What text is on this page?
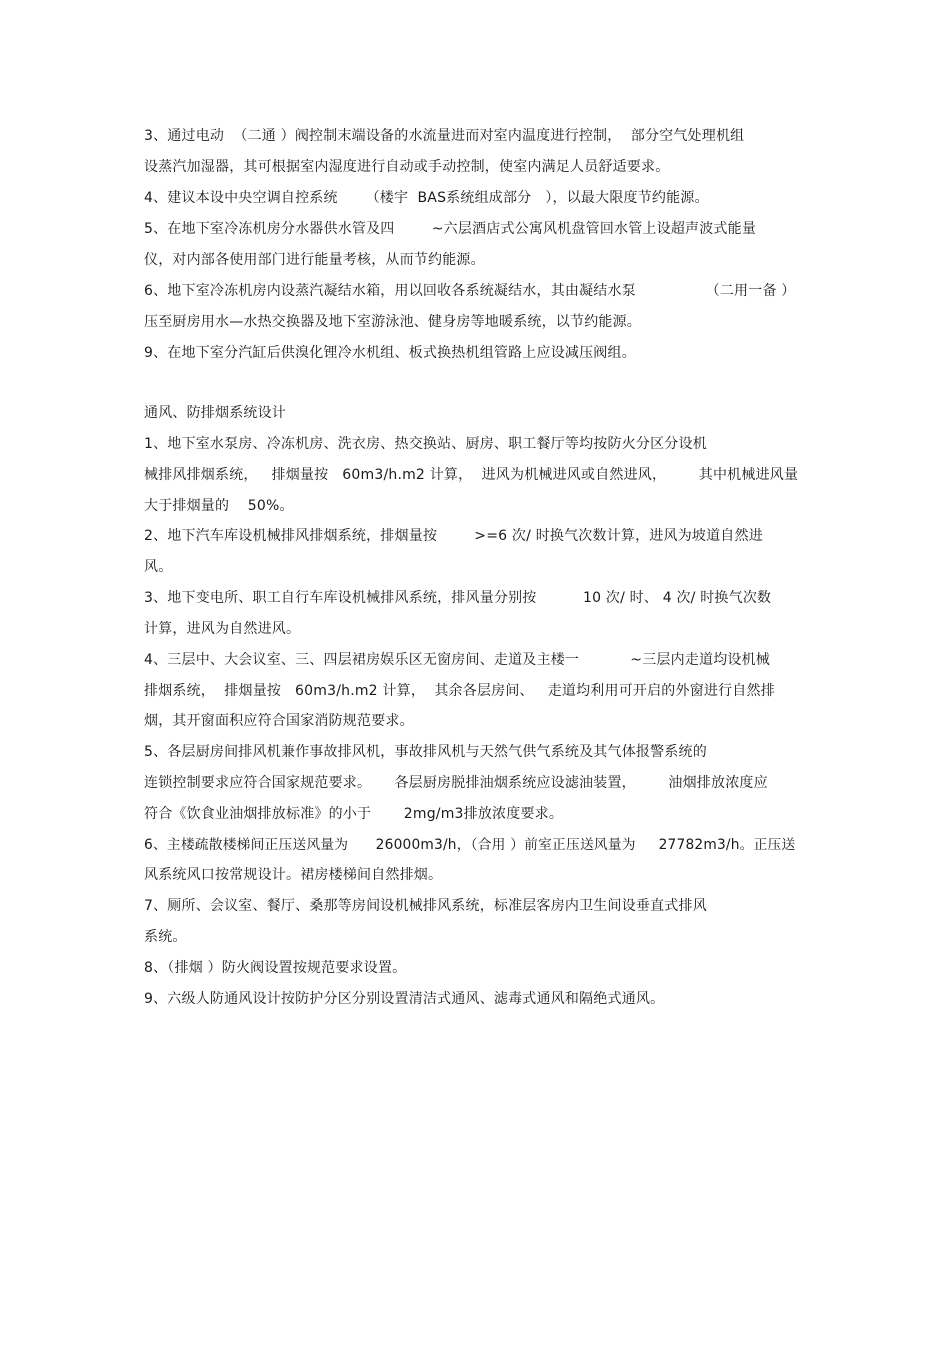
3、通过电动  （二通 ）阀控制末端设备的水流量进而对室内温度进行控制，  部分空气处理机组
设蒸汽加湿器，其可根据室内湿度进行自动或手动控制，使室内满足人员舒适要求。
4、建议本设中央空调自控系统      （楼宇  BAS系统组成部分   ），以最大限度节约能源。
5、在地下室冷冻机房分水器供水管及四        ~六层酒店式公寓风机盘管回水管上设超声波式能量
仪，对内部各使用部门进行能量考核，从而节约能源。
6、地下室冷冻机房内设蒸汽凝结水箱，用以回收各系统凝结水，其由凝结水泵               （二用一备 ）
压至厨房用水—水热交换器及地下室游泳池、健身房等地暖系统，以节约能源。
9、在地下室分汽缸后供溴化锂冷水机组、板式换热机组管路上应设减压阀组。
通风、防排烟系统设计
1、地下室水泵房、冷冻机房、洗衣房、热交换站、厨房、职工餐厅等均按防火分区分设机
械排风排烟系统，   排烟量按   60m3/h.m2 计算，  进风为机械进风或自然进风，       其中机械进风量
大于排烟量的    50%。
2、地下汽车库设机械排风排烟系统，排烟量按        >=6 次/ 时换气次数计算，进风为坡道自然进
风。
3、地下变电所、职工自行车库设机械排风系统，排风量分别按          10 次/ 时、 4 次/ 时换气次数
计算，进风为自然进风。
4、三层中、大会议室、三、四层裙房娱乐区无窗房间、走道及主楼一           ~三层内走道均设机械
排烟系统，  排烟量按   60m3/h.m2 计算，  其余各层房间、   走道均利用可开启的外窗进行自然排
烟，其开窗面积应符合国家消防规范要求。
5、各层厨房间排风机兼作事故排风机，事故排风机与天然气供气系统及其气体报警系统的
连锁控制要求应符合国家规范要求。     各层厨房脱排油烟系统应设滤油装置，       油烟排放浓度应
符合《饮食业油烟排放标准》的小于       2mg/m3排放浓度要求。
6、主楼疏散楼梯间正压送风量为      26000m3/h，（合用 ）前室正压送风量为     27782m3/h。正压送
风系统风口按常规设计。裙房楼梯间自然排烟。
7、厕所、会议室、餐厅、桑那等房间设机械排风系统，标准层客房内卫生间设垂直式排风
系统。
8、（排烟 ）防火阀设置按规范要求设置。
9、六级人防通风设计按防护分区分别设置清洁式通风、滤毒式通风和隔绝式通风。
